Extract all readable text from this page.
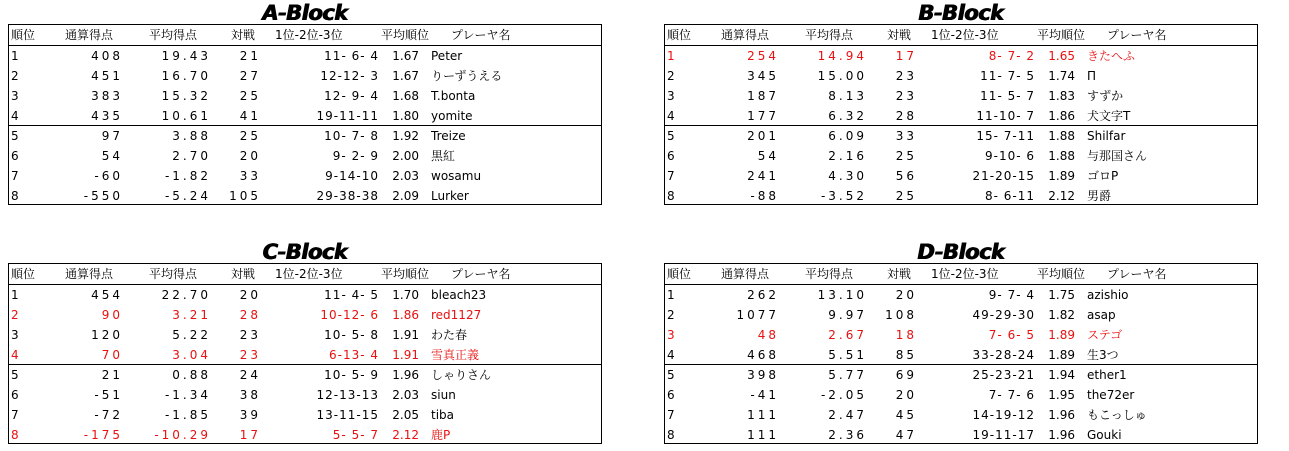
A-Block
順位	通算得点	平均得点	対戦	1位-2位-3位	平均順位	プレーヤ名
1	408	19.43	21	11- 6- 4	1.67 Peter
2	451	16.70	27	12-12- 3	1.67 りーずうえる
3	383	15.32	25	12- 9- 4	1.68 T.bonta
4	435	10.61	41	19-11-11	1.80 yomite
5	97	3.88	25	10- 7- 8	1.92 Treize
6	54	2.70	20	9- 2- 9	2.00 黒紅
7	-60	-1.82	33	9-14-10	2.03 wosamu
8	-550	-5.24	105	29-38-38	2.09 Lurker
B-Block
順位	通算得点	平均得点	対戦	1位-2位-3位	平均順位	プレーヤ名
1	254	14.94	17	8- 7- 2	1.65 きたへふ
2	345	15.00	23	11- 7- 5	1.74 П
3	187	8.13	23	11- 5- 7	1.83 すずか
4	177	6.32	28	11-10- 7	1.86 犬文字T
5	201	6.09	33	15- 7-11	1.88 Shilfar
6	54	2.16	25	9-10- 6	1.88 与那国さん
7	241	4.30	56	21-20-15	1.89 ゴロP
8	-88	-3.52	25	8- 6-11	2.12 男爵
C-Block
順位	通算得点	平均得点	対戦	1位-2位-3位	平均順位	プレーヤ名
1	454	22.70	20	11- 4- 5	1.70 bleach23
2	90	3.21	28	10-12- 6	1.86 red1127
3	120	5.22	23	10- 5- 8	1.91 わた春
4	70	3.04	23	6-13- 4	1.91 雪真正義
5	21	0.88	24	10- 5- 9	1.96 しゃりさん
6	-51	-1.34	38	12-13-13	2.03 siun
7	-72	-1.85	39	13-11-15	2.05 tiba
8	-175	-10.29	17	5- 5- 7	2.12 鹿P
D-Block
順位	通算得点	平均得点	対戦	1位-2位-3位	平均順位	プレーヤ名
1	262	13.10	20	9- 7- 4	1.75 azishio
2	1077	9.97	108	49-29-30	1.82 asap
3	48	2.67	18	7- 6- 5	1.89 ステゴ
4	468	5.51	85	33-28-24	1.89 生3つ
5	398	5.77	69	25-23-21	1.94 ether1
6	-41	-2.05	20	7- 7- 6	1.95 the72er
7	111	2.47	45	14-19-12	1.96 もこっしゅ
8	111	2.36	47	19-11-17	1.96 Gouki
